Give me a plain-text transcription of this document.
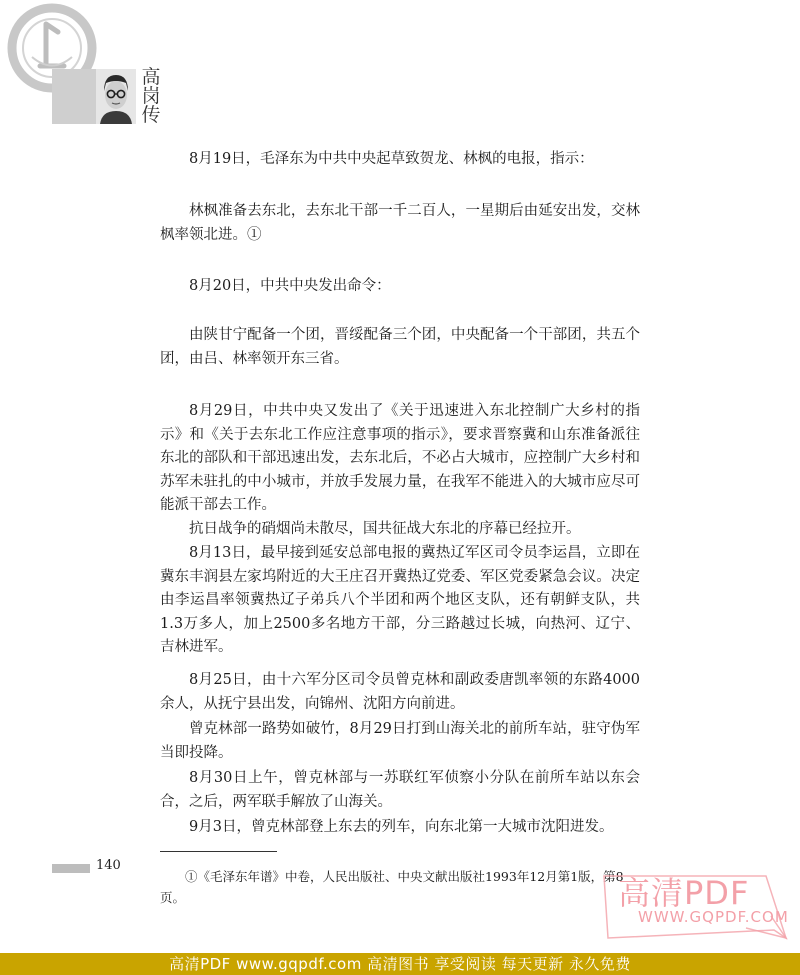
高岗传

8月19日，毛泽东为中共中央起草致贺龙、林枫的电报，指示：

林枫准备去东北，去东北干部一千二百人，一星期后由延安出发，交林枫率领北进。①

8月20日，中共中央发出命令：

由陕甘宁配备一个团，晋绥配备三个团，中央配备一个干部团，共五个团，由吕、林率领开东三省。

8月29日，中共中央又发出了《关于迅速进入东北控制广大乡村的指示》和《关于去东北工作应注意事项的指示》，要求晋察冀和山东准备派往东北的部队和干部迅速出发，去东北后，不必占大城市，应控制广大乡村和苏军未驻扎的中小城市，并放手发展力量，在我军不能进入的大城市应尽可能派干部去工作。

抗日战争的硝烟尚未散尽，国共征战大东北的序幕已经拉开。

8月13日，最早接到延安总部电报的冀热辽军区司令员李运昌，立即在冀东丰润县左家坞附近的大王庄召开冀热辽党委、军区党委紧急会议。决定由李运昌率领冀热辽子弟兵八个半团和两个地区支队，还有朝鲜支队，共1.3万多人，加上2500多名地方干部，分三路越过长城，向热河、辽宁、吉林进军。

8月25日，由十六军分区司令员曾克林和副政委唐凯率领的东路4000余人，从抚宁县出发，向锦州、沈阳方向前进。

曾克林部一路势如破竹，8月29日打到山海关北的前所车站，驻守伪军当即投降。

8月30日上午，曾克林部与一苏联红军侦察小分队在前所车站以东会合，之后，两军联手解放了山海关。

9月3日，曾克林部登上东去的列车，向东北第一大城市沈阳进发。

140

①《毛泽东年谱》中卷，人民出版社、中央文献出版社1993年12月第1版，第8页。	高清PDF
WWW.GQPDF.COM
高清PDF www.gqpdf.com 高清图书 享受阅读 每天更新 永久免费
